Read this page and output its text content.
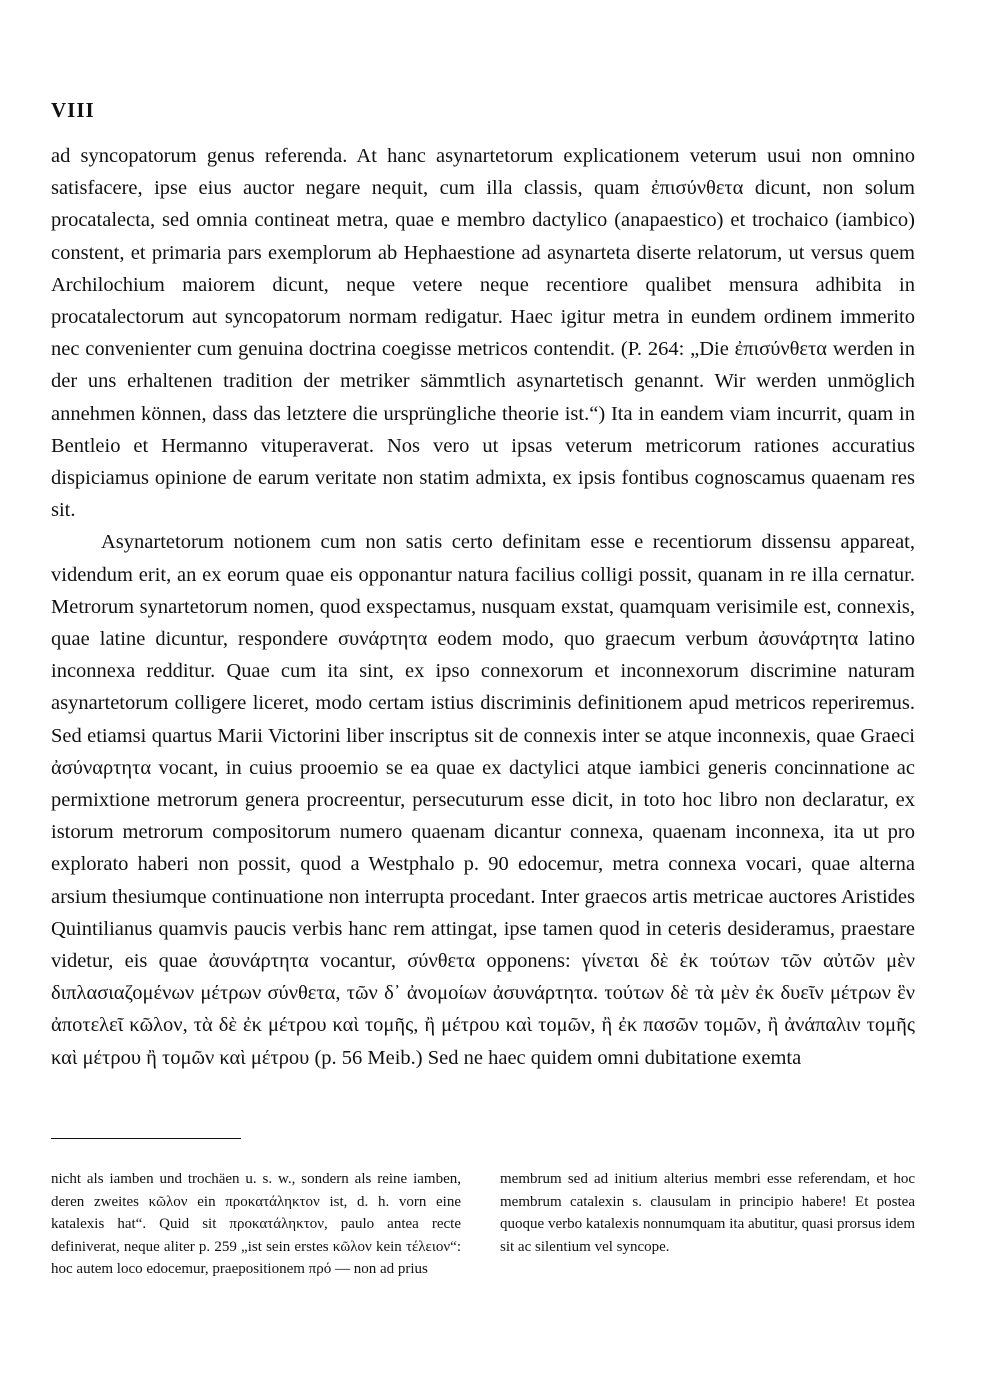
VIII

ad syncopatorum genus referenda. At hanc asynartetorum explicationem veterum usui non omnino satisfacere, ipse eius auctor negare nequit, cum illa classis, quam ἐπισύνθετα dicunt, non solum procatalecta, sed omnia contineat metra, quae e membro dactylico (anapaestico) et trochaico (iambico) constent, et primaria pars exemplorum ab Hephaestione ad asynarteta diserte relatorum, ut versus quem Archilochium maiorem dicunt, neque vetere neque recentiore qualibet mensura adhibita in procatalectorum aut syncopatorum normam redigatur. Haec igitur metra in eundem ordinem immerito nec convenienter cum genuina doctrina coegisse metricos contendit. (P. 264: „Die ἐπισύνθετα werden in der uns erhaltenen tradition der metriker sämmtlich asynartetisch genannt. Wir werden unmöglich annehmen können, dass das letztere die ursprüngliche theorie ist.“) Ita in eandem viam incurrit, quam in Bentleio et Hermanno vituperaverat. Nos vero ut ipsas veterum metricorum rationes accuratius dispiciamus opinione de earum veritate non statim admixta, ex ipsis fontibus cognoscamus quaenam res sit.

Asynartetorum notionem cum non satis certo definitam esse e recentiorum dissensu appareat, videndum erit, an ex eorum quae eis opponantur natura facilius colligi possit, quanam in re illa cernatur. Metrorum synartetorum nomen, quod exspectamus, nusquam exstat, quamquam verisimile est, connexis, quae latine dicuntur, respondere συνάρτητα eodem modo, quo graecum verbum ἀσυνάρτητα latino inconnexa redditur. Quae cum ita sint, ex ipso connexorum et inconnexorum discrimine naturam asynartetorum colligere liceret, modo certam istius discriminis definitionem apud metricos reperiremus. Sed etiamsi quartus Marii Victorini liber inscriptus sit de connexis inter se atque inconnexis, quae Graeci ἀσύναρτητα vocant, in cuius prooemio se ea quae ex dactylici atque iambici generis concinnatione ac permixtione metrorum genera procreentur, persecuturum esse dicit, in toto hoc libro non declaratur, ex istorum metrorum compositorum numero quaenam dicantur connexa, quaenam inconnexa, ita ut pro explorato haberi non possit, quod a Westphalo p. 90 edocemur, metra connexa vocari, quae alterna arsium thesiumque continuatione non interrupta procedant. Inter graecos artis metricae auctores Aristides Quintilianus quamvis paucis verbis hanc rem attingat, ipse tamen quod in ceteris desideramus, praestare videtur, eis quae ἀσυνάρτητα vocantur, σύνθετα opponens: γίνεται δὲ ἐκ τούτων τῶν αὐτῶν μὲν διπλασιαζομένων μέτρων σύνθετα, τῶν δ᾽ ἀνομοίων ἀσυνάρτητα. τούτων δὲ τὰ μὲν ἐκ δυεῖν μέτρων ἓν ἀποτελεῖ κῶλον, τὰ δὲ ἐκ μέτρου καὶ τομῆς, ἢ μέτρου καὶ τομῶν, ἢ ἐκ πασῶν τομῶν, ἢ ἀνάπαλιν τομῆς καὶ μέτρου ἢ τομῶν καὶ μέτρου (p. 56 Meib.) Sed ne haec quidem omni dubitatione exemta

nicht als iamben und trochäen u. s. w., sondern als reine iamben, deren zweites κῶλον ein προκατάληκτον ist, d. h. vorn eine katalexis hat“. Quid sit προκατάληκτον, paulo antea recte definiverat, neque aliter p. 259 „ist sein erstes κῶλον kein τέλειον“: hoc autem loco edocemur, praepositionem πρό — non ad prius

membrum sed ad initium alterius membri esse referendam, et hoc membrum catalexin s. clausulam in principio habere! Et postea quoque verbo katalexis nonnumquam ita abutitur, quasi prorsus idem sit ac silentium vel syncope.
